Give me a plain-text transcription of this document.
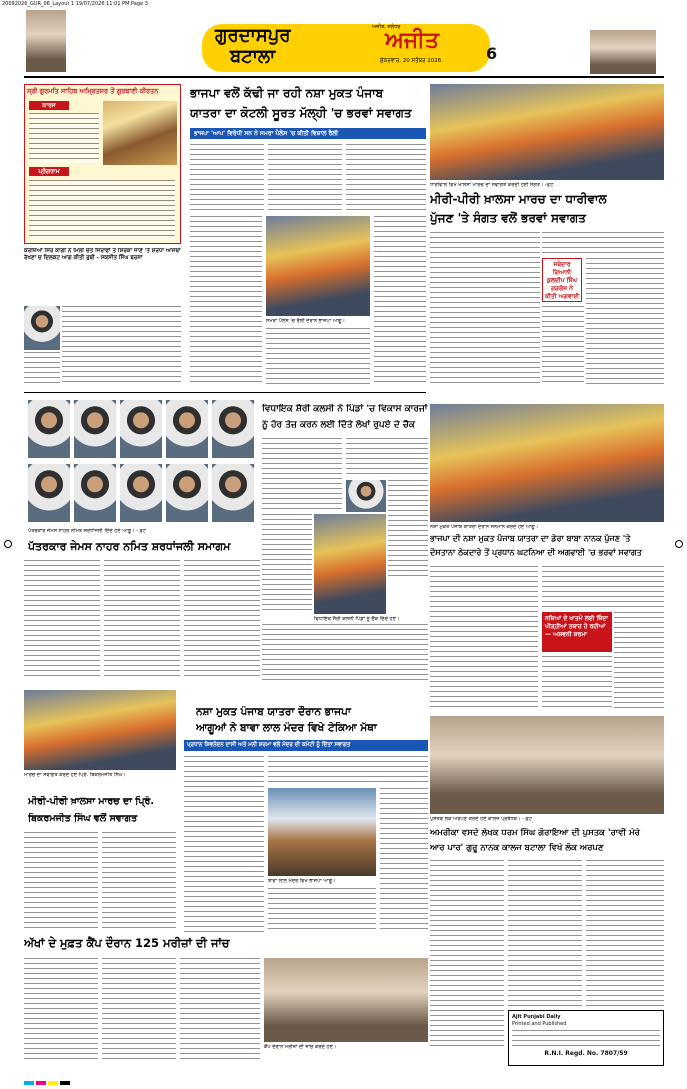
20092026_GUR_06_Layout 1 19/07/2026 11:01 PM Page 3
ਗੁਰਦਾਸਪੁਰ
ਬਟਾਲਾ
ਅਜੀਤ, ਜਲੰਧਰ
ਅਜੀਤ
ਸ਼ੁੱਕਰਵਾਰ, 20 ਸਤੰਬਰ 2026	6
ਸ੍ਰੀ ਗੁਰਮਤਿ ਸਾਹਿਬ ਅਮ੍ਰਿਤਸਰ ਤੋਂ ਗੁਰਬਾਣੀ ਕੀਰਤਨ
ਕਾਰਜ
ਪ੍ਰੋਗਰਾਮ
ਭਾਜਪਾ ਵਲੋਂ ਕੱਢੀ ਜਾ ਰਹੀ ਨਸ਼ਾ ਮੁਕਤ ਪੰਜਾਬ
ਯਾਤਰਾ ਦਾ ਕੋਟਲੀ ਸੂਰਤ ਮੱਲ੍ਹੀ 'ਚ ਭਰਵਾਂ ਸਵਾਗਤ
ਭਾਜਪਾ 'ਆਪ' ਵਿਰੋਧੀ ਸਨ ਨੇ ਸਮਰਾ ਪੈਲੇਸ 'ਚ ਕੀਤੀ ਵਿਸ਼ਾਲ ਰੈਲੀ
ਸਮਰਾ ਪੈਲੇਸ 'ਚ ਰੈਲੀ ਦੌਰਾਨ ਭਾਜਪਾ ਆਗੂ।
ਧਾਰੀਵਾਲ ਵਿਖੇ ਖ਼ਾਲਸਾ ਮਾਰਚ ਦਾ ਸਵਾਗਤ ਕਰਦੀ ਹੋਈ ਸੰਗਤ। -ਫ਼ੋਟੋ
ਮੀਰੀ-ਪੀਰੀ ਖ਼ਾਲਸਾ ਮਾਰਚ ਦਾ ਧਾਰੀਵਾਲ
ਪੁੱਜਣ 'ਤੇ ਸੰਗਤ ਵਲੋਂ ਭਰਵਾਂ ਸਵਾਗਤ
ਜਥੇਦਾਰ ਗਿਆਨੀ ਕੁਲਦੀਪ ਸਿੰਘ ਗੜਗੱਜ ਨੇ ਕੀਤੀ ਅਗਵਾਈ
ਕਰਜ਼ਿਆਂ ਸਿਰ ਕਾਗੀ ਨੇ ਮਿਲੀ ਚੇਤ ਜਿਰਾਫਾਂ ਤੇ ਸਿਰਕਾ ਜਾਣੇ 'ਤੇ ਸ਼ਰਧਾ ਆਸਥਾ ਰੱਖਣਾ ਚ ਦਿਲਕਟ ਆਗ ਕੀਤੀ ਰੁਬੀ - ਸਕਸੀਤ ਸਿੰਘ ਬਰਸਾ
ਪੱਤਰਕਾਰ ਜੇਮਸ ਨਾਹਰ ਨਮਿਤ ਸ਼ਰਧਾਂਜਲੀ ਦਿੰਦੇ ਹੋਏ ਆਗੂ। - ਫ਼ੋਟੋ
ਪੱਤਰਕਾਰ ਜੇਮਸ ਨਾਹਰ ਨਮਿਤ ਸ਼ਰਧਾਂਜਲੀ ਸਮਾਗਮ
ਵਿਧਾਇਕ ਸ਼ੈਰੀ ਕਲਸੀ ਨੇ ਪਿੰਡਾਂ 'ਚ ਵਿਕਾਸ ਕਾਰਜਾਂ
ਨੂੰ ਹੋਰ ਤੇਜ਼ ਕਰਨ ਲਈ ਦਿੱਤੇ ਲੱਖਾਂ ਰੁਪਏ ਦੇ ਚੈੱਕ
ਵਿਧਾਇਕ ਸ਼ੈਰੀ ਕਲਸੀ ਪਿੰਡਾਂ ਨੂੰ ਚੈੱਕ ਦਿੰਦੇ ਹੋਏ।
ਨਸ਼ਾ ਮੁਕਤ ਪੰਜਾਬ ਯਾਤਰਾ ਦੌਰਾਨ ਸਨਮਾਨ ਕਰਦੇ ਹੋਏ ਆਗੂ।
ਭਾਜਪਾ ਦੀ ਨਸ਼ਾ ਮੁਕਤ ਪੰਜਾਬ ਯਾਤਰਾ ਦਾ ਡੇਰਾ ਬਾਬਾ ਨਾਨਕ ਪੁੱਜਣ 'ਤੇ
ਦੋਸਤਾਨਾ ਠੇਕਦਾਰੇ ਤੋਂ ਪ੍ਰਧਾਨ ਘਟਨਿਆ ਦੀ ਅਗਵਾਈ 'ਚ ਭਰਵਾਂ ਸਵਾਗਤ
ਨਸ਼ਿਆਂ ਦੇ ਖਾਤਮੇ ਲਈ ਜ਼ਿੰਦਾ ਪੀੜ੍ਹੀਆਂ ਤਬਾਹ ਹੋ ਰਹੀਆਂ — ਅਸ਼ਵਨੀ ਸ਼ਰਮਾ
ਮਾਰਚ ਦਾ ਸਵਾਗਤ ਕਰਦੇ ਹੋਏ ਪ੍ਰਿੰ. ਬਿਕਰਮਜੀਤ ਸਿੰਘ।
ਮੀਰੀ-ਪੀਰੀ ਖ਼ਾਲਸਾ ਮਾਰਚ ਦਾ ਪ੍ਰਿੰ.
ਬਿਕਰਮਜੀਤ ਸਿੰਘ ਵਲੋਂ ਸਵਾਗਤ
ਨਸ਼ਾ ਮੁਕਤ ਪੰਜਾਬ ਯਾਤਰਾ ਦੌਰਾਨ ਭਾਜਪਾ
ਆਗੂਆਂ ਨੇ ਬਾਵਾ ਲਾਲ ਮੰਦਰ ਵਿਖੇ ਟੇਕਿਆ ਮੱਥਾ
ਪ੍ਰਧਾਨ ਸ਼ਿਵਨੰਦਨ ਦਾਸੀ ਅਤੇ ਮਨੀ ਸ਼ਰਮਾ ਵਲੋਂ ਮੰਦਰ ਦੀ ਕਮੇਟੀ ਨੂੰ ਦਿੱਤਾ ਸਵਾਗਤ
ਬਾਵਾ ਲਾਲ ਮੰਦਰ ਵਿਖੇ ਭਾਜਪਾ ਆਗੂ।
ਪੁਸਤਕ ਲੋਕ ਅਰਪਣ ਕਰਦੇ ਹੋਏ ਕਾਲਜ ਪ੍ਰਬੰਧਕ। - ਫ਼ੋਟੋ
ਅਮਰੀਕਾ ਵਸਦੇ ਲੇਖਕ ਧਰਮ ਸਿੰਘ ਗੋਰਾਇਆ ਦੀ ਪੁਸਤਕ 'ਰਾਵੀ ਮੇਰੇ
ਆਰ ਪਾਰ' ਗੁਰੂ ਨਾਨਕ ਕਾਲਜ ਬਟਾਲਾ ਵਿਖੇ ਲੋਕ ਅਰਪਣ
ਅੱਖਾਂ ਦੇ ਮੁਫ਼ਤ ਕੈਂਪ ਦੌਰਾਨ 125 ਮਰੀਜ਼ਾਂ ਦੀ ਜਾਂਚ
ਕੈਂਪ ਦੌਰਾਨ ਮਰੀਜ਼ਾਂ ਦੀ ਜਾਂਚ ਕਰਦੇ ਹੋਏ।
Ajit Punjabi Daily
Printed and Published
R.N.I. Regd. No. 7807/59
